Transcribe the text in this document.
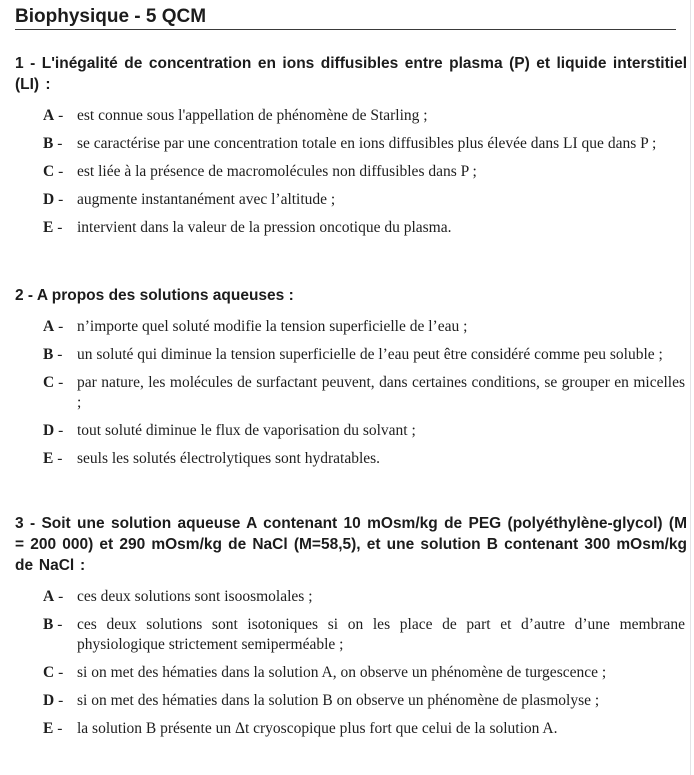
Biophysique - 5 QCM

1 - L'inégalité de concentration en ions diffusibles entre plasma (P) et liquide interstitiel (LI) :

A - est connue sous l'appellation de phénomène de Starling ;
B - se caractérise par une concentration totale en ions diffusibles plus élevée dans LI que dans P ;
C - est liée à la présence de macromolécules non diffusibles dans P ;
D - augmente instantanément avec l’altitude ;
E - intervient dans la valeur de la pression oncotique du plasma.

2 - A propos des solutions aqueuses :

A - n’importe quel soluté modifie la tension superficielle de l’eau ;
B - un soluté qui diminue la tension superficielle de l’eau peut être considéré comme peu soluble ;
C - par nature, les molécules de surfactant peuvent, dans certaines conditions, se grouper en micelles ;
D - tout soluté diminue le flux de vaporisation du solvant ;
E - seuls les solutés électrolytiques sont hydratables.

3 - Soit une solution aqueuse A contenant 10 mOsm/kg de PEG (polyéthylène-glycol) (M = 200 000) et 290 mOsm/kg de NaCl (M=58,5), et une solution B contenant 300 mOsm/kg de NaCl :

A - ces deux solutions sont isoosmolales ;
B - ces deux solutions sont isotoniques si on les place de part et d’autre d’une membrane physiologique strictement semiperméable ;
C - si on met des hématies dans la solution A, on observe un phénomène de turgescence ;
D - si on met des hématies dans la solution B on observe un phénomène de plasmolyse ;
E - la solution B présente un Δt cryoscopique plus fort que celui de la solution A.
